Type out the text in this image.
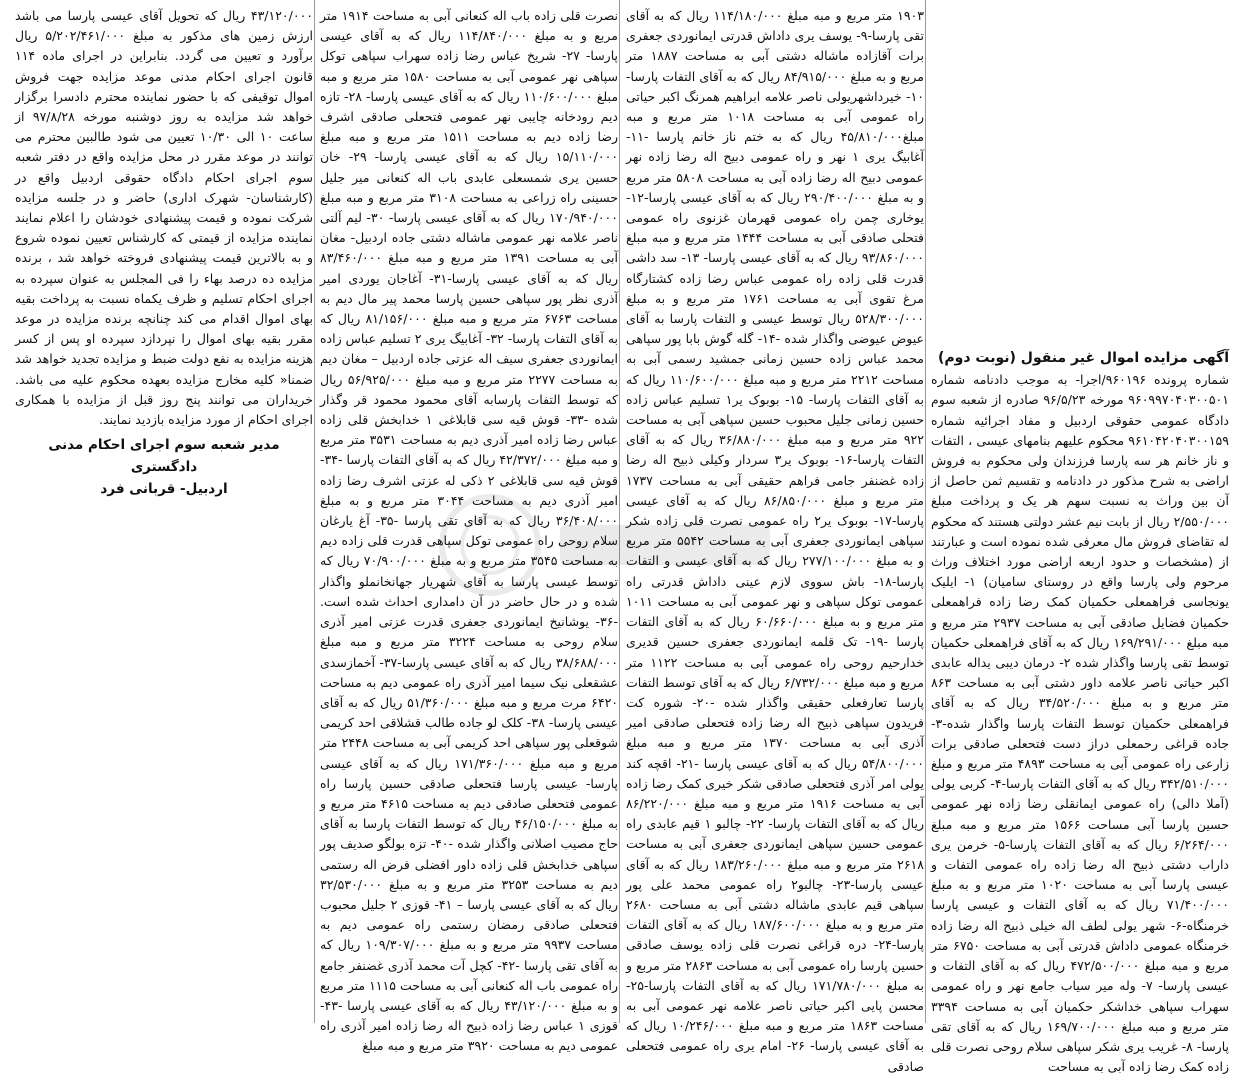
آگهی مزایده اموال غیر منقول (نوبت دوم)

شماره پرونده ۹۶۰۱۹۶/اجرا- به موجب دادنامه شماره ۹۶۰۹۹۷۰۴۰۳۰۰۵۰۱ مورخه ۹۶/۵/۲۳ صادره از شعبه سوم دادگاه عمومی حقوقی اردبیل و مفاد اجرائیه شماره ۹۶۱۰۴۲۰۴۰۳۰۰۱۵۹ محکوم علیهم بنامهای عیسی ، التفات و ناز خانم هر سه پارسا فرزندان ولی محکوم به فروش اراضی به شرح مذکور در دادنامه و تقسیم ثمن حاصل از آن بین وراث به نسبت سهم هر یک و پرداخت مبلغ ۲/۵۵۰/۰۰۰ ریال از بابت نیم عشر دولتی هستند که محکوم له تقاضای فروش مال معرفی شده نموده است و عبارتند از (مشخصات و حدود اربعه اراضی مورد اختلاف وراث مرحوم ولی پارسا واقع در روستای سامیان) ۱- ایلیک یونجاسی فراهمعلی حکمیان کمک رضا زاده فراهمعلی حکمیان فضایل صادقی آبی به مساحت ۲۹۳۷ متر مربع و مبه مبلغ ۱۶۹/۲۹۱/۰۰۰ ریال که به آقای فراهمعلی حکمیان توسط تقی پارسا واگذار شده ۲- درمان دیبی یداله عابدی اکبر حیاتی ناصر علامه داور دشتی آبی به مساحت ۸۶۳ متر مربع و به مبلغ ۳۴/۵۲۰/۰۰۰ ریال که به آقای فراهمعلی حکمیان توسط التفات پارسا واگذار شده-۳- جاده قراغی رحمعلی دراز دست فتحعلی صادقی برات زارعی راه عمومی آبی به مساحت ۴۸۹۳ متر مربع و مبلغ ۳۴۲/۵۱۰/۰۰۰ ریال که به آقای التفات پارسا-۴- کربی یولی (آملا دالی) راه عمومی ایمانقلی رضا زاده نهر عمومی حسین پارسا آبی مساحت ۱۵۶۶ متر مربع و مبه مبلغ ۶/۲۶۴/۰۰۰ ریال که به آقای التفات پارسا-۵- خرمن یری داراب دشتی ذبیح اله رضا زاده راه عمومی التفات و عیسی پارسا آبی به مساحت ۱۰۲۰ متر مربع و به مبلغ ۷۱/۴۰۰/۰۰۰ ریال که به آقای التفات و عیسی پارسا خرمنگاه-۶- شهر یولی لطف اله خیلی ذبیح اله رضا زاده خرمنگاه عمومی داداش قدرتی آبی به مساحت ۶۷۵۰ متر مربع و مبه مبلغ ۴۷۲/۵۰۰/۰۰۰ ریال که به آقای التفات و عیسی پارسا- ۷- وله میر سیاب جامع نهر و راه عمومی سهراب سپاهی خداشکر حکمیان آبی به مساحت ۳۳۹۴ متر مربع و مبه مبلغ ۱۶۹/۷۰۰/۰۰۰ ریال که به آقای تقی پارسا- ۸- غریب یری شکر سپاهی سلام روحی نصرت قلی زاده کمک رضا زاده آبی به مساحت

۱۹۰۳ متر مربع و مبه مبلغ ۱۱۴/۱۸۰/۰۰۰ ریال که به آقای تقی پارسا-۹- یوسف یری داداش قدرتی ایمانوردی جعفری برات آقازاده ماشاله دشتی آبی به مساحت ۱۸۸۷ متر مربع و به مبلغ ۸۴/۹۱۵/۰۰۰ ریال که به آقای التفات پارسا- ۱۰- خیرداشهریولی ناصر علامه ابراهیم همرنگ اکبر حیاتی راه عمومی آبی به مساحت ۱۰۱۸ متر مربع و مبه مبلغ۴۵/۸۱۰/۰۰۰ ریال که به ختم ناز خانم پارسا -۱۱- آغابیگ یری ۱ نهر و راه عمومی دبیح اله رضا زاده نهر عمومی دبیح اله رضا زاده آبی به مساحت ۵۸۰۸ متر مربع و به مبلغ ۲۹۰/۴۰۰/۰۰۰ ریال که به آقای عیسی پارسا-۱۲- یوخاری چمن راه عمومی قهرمان غزنوی راه عمومی فتحلی صادقی آبی به مساحت ۱۴۴۴ متر مربع و مبه مبلغ ۹۳/۸۶۰/۰۰۰ ریال که به آقای عیسی پارسا- ۱۳- سد داشی قدرت قلی زاده راه عمومی عباس رضا زاده کشتارگاه مرغ تقوی آبی به مساحت ۱۷۶۱ متر مربع و به مبلغ ۵۲۸/۳۰۰/۰۰۰ ریال توسط عیسی و التفات پارسا به آقای عیوض عیوضی واگذار شده -۱۴- گله گوش بابا پور سپاهی محمد عباس زاده حسین زمانی جمشید رسمی آبی به مساحت ۲۲۱۲ متر مربع و مبه مبلغ ۱۱۰/۶۰۰/۰۰۰ ریال که به آقای التفات پارسا- ۱۵- بوبوک یر۱ تسلیم عباس زاده حسین زمانی جلیل محبوب حسین سپاهی آبی به مساحت ۹۲۲ متر مربع و مبه مبلغ ۳۶/۸۸۰/۰۰۰ ریال که به آقای التفات پارسا-۱۶- بوبوک یر۳ سردار وکیلی ذبیح اله رضا زاده غضنفر جامی فراهم حقیقی آبی به مساحت ۱۷۳۷ متر مربع و مبلغ ۸۶/۸۵۰/۰۰۰ ریال که به آقای عیسی پارسا-۱۷- بوبوک یر۲ راه عمومی نصرت قلی زاده شکر سپاهی ایمانوردی جعفری آبی به مساحت ۵۵۴۲ متر مربع و به مبلغ ۲۷۷/۱۰۰/۰۰۰ ریال که به آقای عیسی و التفات پارسا-۱۸- باش سووی لازم عینی داداش قدرتی راه عمومی توکل سپاهی و نهر عمومی آبی به مساحت ۱۰۱۱ متر مربع و به مبلغ ۶۰/۶۶۰/۰۰۰ ریال که به آقای التفات پارسا -۱۹- تک قلمه ایمانوردی جعفری حسین قدیری خدارحیم روحی راه عمومی آبی به مساحت ۱۱۲۲ متر مربع و مبه مبلغ ۶/۷۳۲/۰۰۰ ریال که به آقای توسط التفات پارسا تعارفعلی حقیقی واگذار شده -۲۰- شوره کت فریدون سپاهی ذبیح اله رضا زاده فتحعلی صادقی امیر آذری آبی به مساحت ۱۳۷۰ متر مربع و مبه مبلغ ۵۴/۸۰۰/۰۰۰ ریال که به آقای عیسی پارسا -۲۱- اقچه کند یولی امر آذری فتحعلی صادقی شکر خیری کمک رضا زاده آبی به مساحت ۱۹۱۶ متر مربع و مبه مبلغ ۸۶/۲۲۰/۰۰۰ ریال که به آقای التفات پارسا- ۲۲- چالبو ۱ قیم عابدی راه عمومی حسین سپاهی ایمانوردی جعفری آبی به مساحت ۲۶۱۸ متر مربع و مبه مبلغ ۱۸۳/۲۶۰/۰۰۰ ریال که به آقای عیسی پارسا-۲۳- چالبو۲ راه عمومی محمد علی پور سپاهی قیم عابدی ماشاله دشتی آبی به مساحت ۲۶۸۰ متر مربع و به مبلغ ۱۸۷/۶۰۰/۰۰۰ ریال که به آقای التفات پارسا-۲۴- دره قراغی نصرت قلی زاده یوسف صادقی حسین پارسا راه عمومی آبی به مساحت ۲۸۶۳ متر مربع و به مبلغ ۱۷۱/۷۸۰/۰۰۰ ریال که به آقای التفات پارسا-۲۵- محسن پایی اکبر حیاتی ناصر علامه نهر عمومی آبی به مساحت ۱۸۶۳ متر مربع و مبه مبلغ ۱۰/۲۴۶/۰۰۰ ریال که به آقای عیسی پارسا- ۲۶- امام یری راه عمومی فتحعلی صادقی

نصرت قلی زاده باب اله کنعانی آبی به مساحت ۱۹۱۴ متر مربع و به مبلغ ۱۱۴/۸۴۰/۰۰۰ ریال که به آقای عیسی پارسا- ۲۷- شریخ عباس رضا زاده سهراب سپاهی توکل سپاهی نهر عمومی آبی به مساحت ۱۵۸۰ متر مربع و مبه مبلغ ۱۱۰/۶۰۰/۰۰۰ ریال که به آقای عیسی پارسا- ۲۸- تازه دیم رودخانه چایبی نهر عمومی فتحعلی صادقی اشرف رضا زاده دیم به مساحت ۱۵۱۱ متر مربع و مبه مبلغ ۱۵/۱۱۰/۰۰۰ ریال که به آقای عیسی پارسا- ۲۹- خان حسین یری شمسعلی عابدی باب اله کنعانی میر جلیل حسینی راه زراعی به مساحت ۳۱۰۸ متر مربع و مبه مبلغ ۱۷۰/۹۴۰/۰۰۰ ریال که به آقای عیسی پارسا- ۳۰- لیم آلتی ناصر علامه نهر عمومی ماشاله دشتی جاده اردبیل- مغان آبی به مساحت ۱۳۹۱ متر مربع و مبه مبلغ ۸۳/۴۶۰/۰۰۰ ریال که به آقای عیسی پارسا-۳۱- آغاجان یوردی امیر آذری نظر پور سپاهی حسین پارسا محمد پیر مال دیم به مساحت ۶۷۶۳ متر مربع و مبه مبلغ ۸۱/۱۵۶/۰۰۰ ریال که به آقای التفات پارسا- ۳۲- آغابیگ یری ۲ تسلیم عباس زاده ایمانوردی جعفری سیف اله عزتی جاده اردبیل – مغان دیم به مساحت ۲۲۷۷ متر مربع و مبه مبلغ ۵۶/۹۲۵/۰۰۰ ریال که توسط التفات پارسابه آقای محمود محمود قر وگذار شده -۳۳- قوش قیه سی قابلاغی ۱ خدابخش قلی زاده عباس رضا زاده امیر آذری دیم به مساحت ۳۵۳۱ متر مربع و مبه مبلغ ۴۲/۳۷۲/۰۰۰ ریال که به آقای التفات پارسا -۳۴- قوش قیه سی قابلاغی ۲ ذکی له عزتی اشرف رضا زاده امیر آذری دیم به مساحت ۳۰۴۴ متر مربع و به مبلغ ۳۶/۴۰۸/۰۰۰ ریال که به آقای تقی پارسا -۳۵- آغ یارغان سلام روحی راه عمومی توکل سپاهی قدرت قلی زاده دیم به مساحت ۳۵۴۵ متر مربع و به مبلغ ۷۰/۹۰۰/۰۰۰ ریال که توسط عیسی پارسا به آقای شهریار جهانخانملو واگذار شده و در حال حاضر در آن دامداری احداث شده است. -۳۶- یوشانیخ ایمانوردی جعفری قدرت عزتی امیر آذری سلام روحی به مساحت ۳۲۲۴ متر مربع و مبه مبلغ ۳۸/۶۸۸/۰۰۰ ریال که به آقای عیسی پارسا-۳۷- آخمازسدی عشقعلی نیک سیما امیر آذری راه عمومی دیم به مساحت ۶۴۲۰ مرت مربع و مبه مبلغ ۵۱/۳۶۰/۰۰۰ ریال که به آقای عیسی پارسا- ۳۸- کلک لو جاده طالب قشلاقی احد کریمی شوقعلی پور سپاهی احد کریمی آبی به مساحت ۲۴۴۸ متر مربع و مبه مبلغ ۱۷۱/۳۶۰/۰۰۰ ریال که به آقای عیسی پارسا- عیسی پارسا فتحعلی صادقی حسین پارسا راه عمومی فتحعلی صادقی دیم به مساحت ۴۶۱۵ متر مربع و به مبلغ ۴۶/۱۵۰/۰۰۰ ریال که توسط التفات پارسا به آقای حاج مصیب اصلانی واگذار شده -۴۰- تزه بولگو صدیف پور سپاهی خدابخش قلی زاده داور افضلی فرض اله رستمی دیم به مساحت ۳۲۵۳ متر مربع و به مبلغ ۳۲/۵۳۰/۰۰۰ ریال که به آقای عیسی پارسا – ۴۱- قوزی ۲ جلیل محبوب فتحعلی صادقی رمضان رستمی راه عمومی دیم به مساحت ۹۹۳۷ متر مربع و به مبلغ ۱۰۹/۳۰۷/۰۰۰ ریال که به آقای تقی پارسا -۴۲- کچل آت محمد آذری غضنفر جامع راه عمومی باب اله کنعانی آبی به مساحت ۱۱۱۵ متر مربع و به مبلغ ۴۳/۱۲۰/۰۰۰ ریال که به آقای عیسی پارسا -۴۳- قوزی ۱ عباس رضا زاده ذبیح اله رضا زاده امیر آذری راه عمومی دیم به مساحت ۳۹۲۰ متر مربع و مبه مبلغ

۴۳/۱۲۰/۰۰۰ ریال که تحویل آقای عیسی پارسا می باشد ارزش زمین های مذکور به مبلغ ۵/۲۰۲/۴۶۱/۰۰۰ ریال برآورد و تعیین می گردد. بنابراین در اجرای ماده ۱۱۴ قانون اجرای احکام مدنی موعد مزایده جهت فروش اموال توقیفی که با حضور نماینده محترم دادسرا برگزار خواهد شد مزایده به روز دوشنبه مورخه ۹۷/۸/۲۸ از ساعت ۱۰ الی ۱۰/۳۰ تعیین می شود طالبین محترم می توانند در موعد مقرر در محل مزایده واقع در دفتر شعبه سوم اجرای احکام دادگاه حقوقی اردبیل واقع در (کارشناسان- شهرک اداری) حاضر و در جلسه مزایده شرکت نموده و قیمت پیشنهادی خودشان را اعلام نمایند نماینده مزایده از قیمتی که کارشناس تعیین نموده شروع و به بالاترین قیمت پیشنهادی فروخته خواهد شد ، برنده مزایده ده درصد بهاء را فی المجلس به عنوان سپرده به اجرای احکام تسلیم و ظرف یکماه نسبت به پرداخت بقیه بهای اموال اقدام می کند چنانچه برنده مزایده در موعد مقرر بقیه بهای اموال را نپردازد سپرده او پس از کسر هزینه مزایده به نفع دولت ضبط و مزایده تجدید خواهد شد ضمنا« کلیه مخارج مزایده بعهده محکوم علیه می باشد. خریداران می توانند پنج روز قبل از مزایده با همکاری اجرای احکام از مورد مزایده بازدید نمایند.

مدیر شعبه سوم اجرای احکام مدنی دادگستری
اردبیل- قربانی فرد
